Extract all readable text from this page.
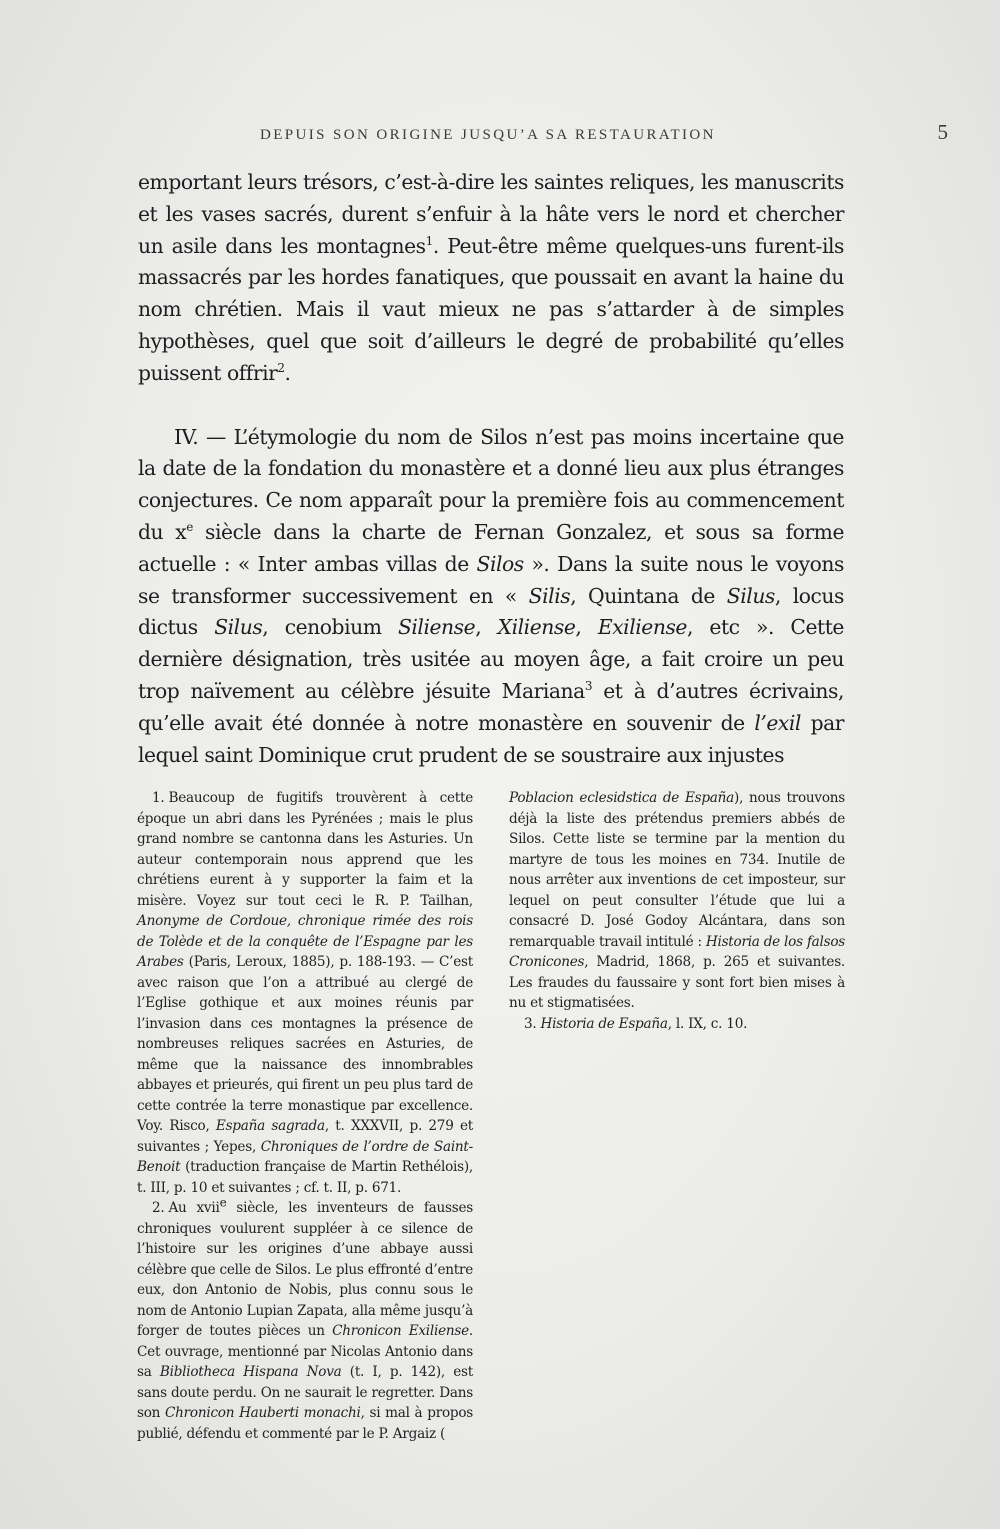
DEPUIS SON ORIGINE JUSQU’A SA RESTAURATION	5

emportant leurs trésors, c’est-à-dire les saintes reliques, les manuscrits et les vases sacrés, durent s’enfuir à la hâte vers le nord et chercher un asile dans les montagnes$^1$. Peut-être même quelques-uns furent-ils massacrés par les hordes fanatiques, que poussait en avant la haine du nom chrétien. Mais il vaut mieux ne pas s’attarder à de simples hypothèses, quel que soit d’ailleurs le degré de probabilité qu’elles puissent offrir$^2$.

IV. — L’étymologie du nom de Silos n’est pas moins incertaine que la date de la fondation du monastère et a donné lieu aux plus étranges conjectures. Ce nom apparaît pour la première fois au commencement du x$^e$ siècle dans la charte de Fernan Gonzalez, et sous sa forme actuelle : « Inter ambas villas de Silos ». Dans la suite nous le voyons se transformer successivement en « Silis, Quintana de Silus, locus dictus Silus, cenobium Siliense, Xiliense, Exiliense, etc ». Cette dernière désignation, très usitée au moyen âge, a fait croire un peu trop naïvement au célèbre jésuite Mariana$^3$ et à d’autres écrivains, qu’elle avait été donnée à notre monastère en souvenir de l’exil par lequel saint Dominique crut prudent de se soustraire aux injustes

1. Beaucoup de fugitifs trouvèrent à cette époque un abri dans les Pyrénées ; mais le plus grand nombre se cantonna dans les Asturies. Un auteur contemporain nous apprend que les chrétiens eurent à y supporter la faim et la misère. Voyez sur tout ceci le R. P. Tailhan, Anonyme de Cordoue, chronique rimée des rois de Tolède et de la conquête de l’Espagne par les Arabes (Paris, Leroux, 1885), p. 188-193. — C’est avec raison que l’on a attribué au clergé de l’Eglise gothique et aux moines réunis par l’invasion dans ces montagnes la présence de nombreuses reliques sacrées en Asturies, de même que la naissance des innombrables abbayes et prieurés, qui firent un peu plus tard de cette contrée la terre monastique par excellence. Voy. Risco, España sagrada, t. XXXVII, p. 279 et suivantes ; Yepes, Chroniques de l’ordre de Saint-Benoit (traduction française de Martin Rethélois), t. III, p. 10 et suivantes ; cf. t. II, p. 671.

2. Au xvii$^e$ siècle, les inventeurs de fausses chroniques voulurent suppléer à ce silence de l’histoire sur les origines d’une abbaye aussi célèbre que celle de Silos. Le plus effronté d’entre eux, don Antonio de Nobis, plus connu sous le nom de Antonio Lupian Zapata, alla même jusqu’à forger de toutes pièces un Chronicon Exiliense. Cet ouvrage, mentionné par Nicolas Antonio dans sa Bibliotheca Hispana Nova (t. I, p. 142), est sans doute perdu. On ne saurait le regretter. Dans son Chronicon Hauberti monachi, si mal à propos publié, défendu et commenté par le P. Argaiz (

Poblacion eclesidstica de España), nous trouvons déjà la liste des prétendus premiers abbés de Silos. Cette liste se termine par la mention du martyre de tous les moines en 734. Inutile de nous arrêter aux inventions de cet imposteur, sur lequel on peut consulter l’étude que lui a consacré D. José Godoy Alcántara, dans son remarquable travail intitulé : Historia de los falsos Cronicones, Madrid, 1868, p. 265 et suivantes. Les fraudes du faussaire y sont fort bien mises à nu et stigmatisées.

3. Historia de España, l. IX, c. 10.
